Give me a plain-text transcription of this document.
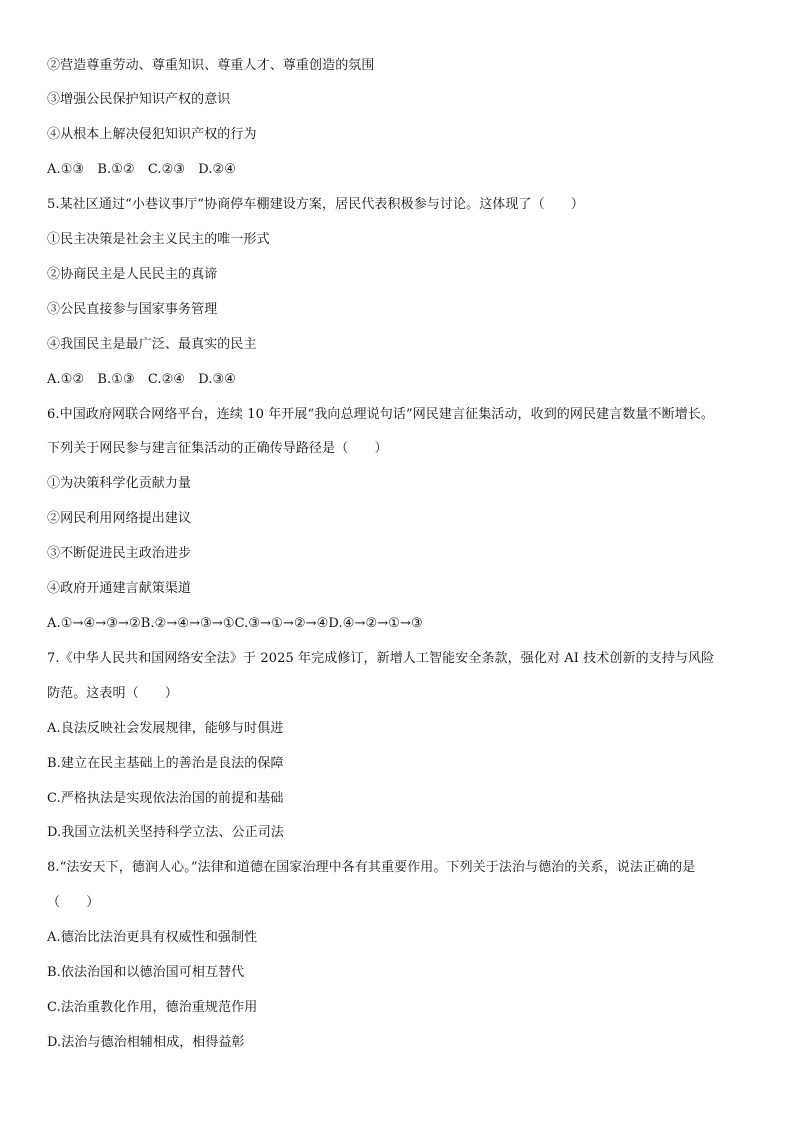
②营造尊重劳动、尊重知识、尊重人才、尊重创造的氛围
③增强公民保护知识产权的意识
④从根本上解决侵犯知识产权的行为
A.①③　B.①②　C.②③　D.②④
5.某社区通过“小巷议事厅”协商停车棚建设方案，居民代表积极参与讨论。这体现了（　　）
①民主决策是社会主义民主的唯一形式
②协商民主是人民民主的真谛
③公民直接参与国家事务管理
④我国民主是最广泛、最真实的民主
A.①②　B.①③　C.②④　D.③④
6.中国政府网联合网络平台，连续 10 年开展“我向总理说句话”网民建言征集活动，收到的网民建言数量不断增长。
下列关于网民参与建言征集活动的正确传导路径是（　　）
①为决策科学化贡献力量
②网民利用网络提出建议
③不断促进民主政治进步
④政府开通建言献策渠道
A.①→④→③→②B.②→④→③→①C.③→①→②→④D.④→②→①→③
7.《中华人民共和国网络安全法》于 2025 年完成修订，新增人工智能安全条款，强化对 AI 技术创新的支持与风险
防范。这表明（　　）
A.良法反映社会发展规律，能够与时俱进
B.建立在民主基础上的善治是良法的保障
C.严格执法是实现依法治国的前提和基础
D.我国立法机关坚持科学立法、公正司法
8.“法安天下，德润人心。”法律和道德在国家治理中各有其重要作用。下列关于法治与德治的关系，说法正确的是
（　　）
A.德治比法治更具有权威性和强制性
B.依法治国和以德治国可相互替代
C.法治重教化作用，德治重规范作用
D.法治与德治相辅相成，相得益彰
